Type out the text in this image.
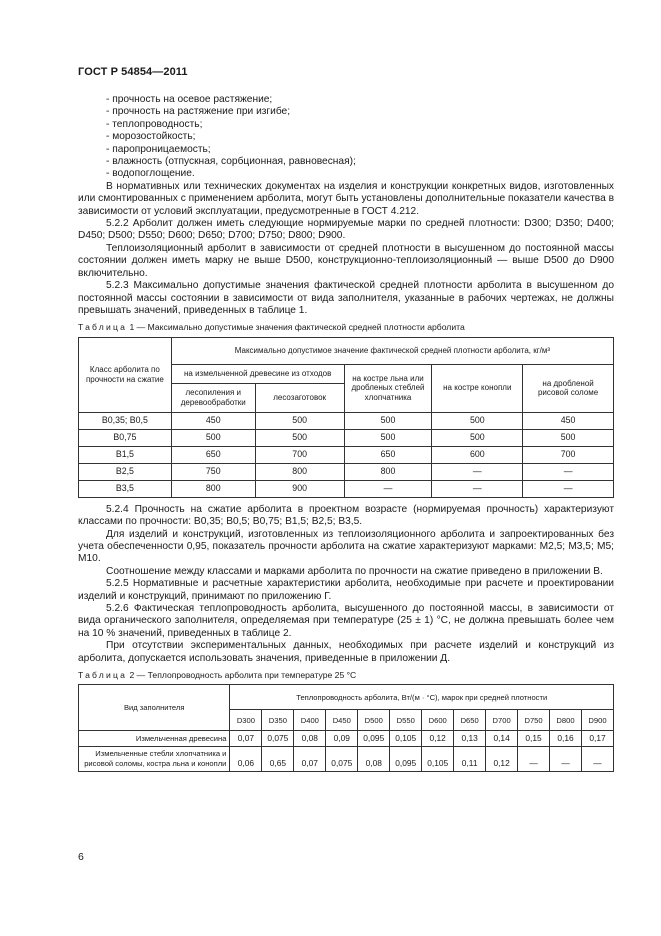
ГОСТ Р 54854—2011
- прочность на осевое растяжение;
- прочность на растяжение при изгибе;
- теплопроводность;
- морозостойкость;
- паропроницаемость;
- влажность (отпускная, сорбционная, равновесная);
- водопоглощение.

В нормативных или технических документах на изделия и конструкции конкретных видов, изготовленных или смонтированных с применением арболита, могут быть установлены дополнительные показатели качества в зависимости от условий эксплуатации, предусмотренные в ГОСТ 4.212.

5.2.2 Арболит должен иметь следующие нормируемые марки по средней плотности: D300; D350; D400; D450; D500; D550; D600; D650; D700; D750; D800; D900.

Теплоизоляционный арболит в зависимости от средней плотности в высушенном до постоянной массы состоянии должен иметь марку не выше D500, конструкционно-теплоизоляционный — выше D500 до D900 включительно.

5.2.3 Максимально допустимые значения фактической средней плотности арболита в высушенном до постоянной массы состоянии в зависимости от вида заполнителя, указанные в рабочих чертежах, не должны превышать значений, приведенных в таблице 1.

Таблица 1 — Максимально допустимые значения фактической средней плотности арболита
Класс арболита по прочности на сжатие	Максимально допустимое значение фактической средней плотности арболита, кг/м³				
	на измельченной древесине из отходов		на костре льна или дробленых стеблей хлопчатника	на костре конопли	на дробленой рисовой соломе
	лесопиления и деревообработки	лесозаготовок			
B0,35; B0,5	450	500	500	500	450
B0,75	500	500	500	500	500
B1,5	650	700	650	600	700
B2,5	750	800	800	—	—
B3,5	800	900	—	—	—

5.2.4 Прочность на сжатие арболита в проектном возрасте (нормируемая прочность) характеризуют классами по прочности: B0,35; B0,5; B0,75; B1,5; B2,5; B3,5.

Для изделий и конструкций, изготовленных из теплоизоляционного арболита и запроектированных без учета обеспеченности 0,95, показатель прочности арболита на сжатие характеризуют марками: M2,5; M3,5; M5; M10.

Соотношение между классами и марками арболита по прочности на сжатие приведено в приложении В.

5.2.5 Нормативные и расчетные характеристики арболита, необходимые при расчете и проектировании изделий и конструкций, принимают по приложению Г.

5.2.6 Фактическая теплопроводность арболита, высушенного до постоянной массы, в зависимости от вида органического заполнителя, определяемая при температуре (25 ± 1) °С, не должна превышать более чем на 10 % значений, приведенных в таблице 2.

При отсутствии экспериментальных данных, необходимых при расчете изделий и конструкций из арболита, допускается использовать значения, приведенные в приложении Д.

Таблица 2 — Теплопроводность арболита при температуре 25 °С
Вид заполнителя	Теплопроводность арболита, Вт/(м · °С), марок при средней плотности											
	D300	D350	D400	D450	D500	D550	D600	D650	D700	D750	D800	D900
Измельченная древесина	0,07	0,075	0,08	0,09	0,095	0,105	0,12	0,13	0,14	0,15	0,16	0,17
Измельченные стебли хлопчатника и рисовой соломы, костра льна и конопли	0,06	0,65	0,07	0,075	0,08	0,095	0,105	0,11	0,12	—	—	—
6
